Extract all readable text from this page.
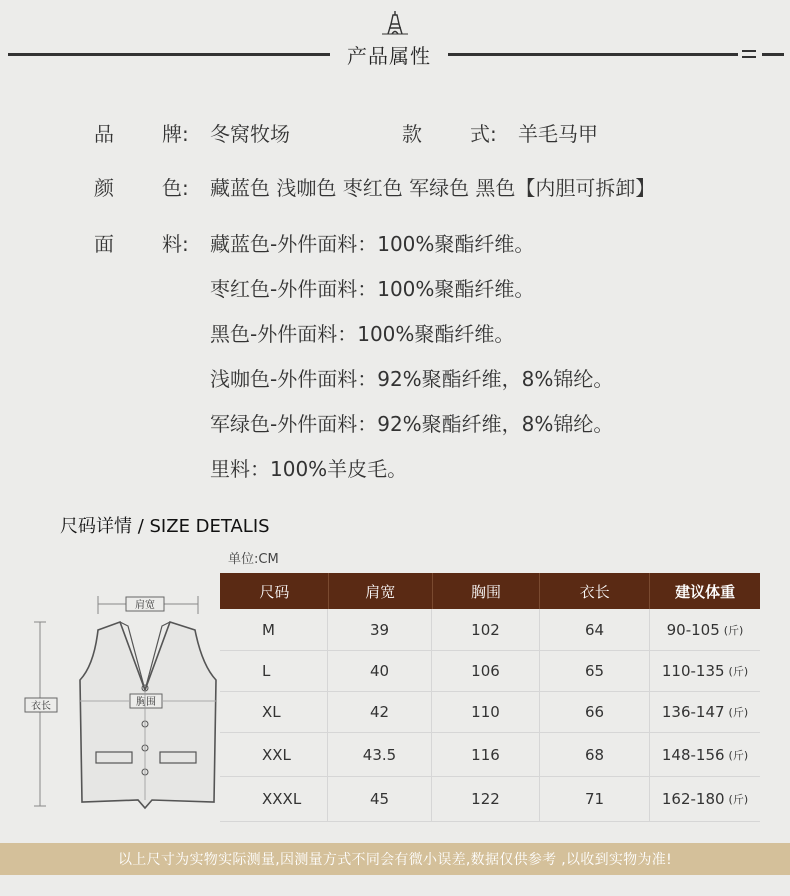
产品属性
品 牌: 冬窝牧场	款 式: 羊毛马甲
颜 色: 藏蓝色 浅咖色 枣红色 军绿色 黑色【内胆可拆卸】
面 料: 藏蓝色-外件面料：100%聚酯纤维。
枣红色-外件面料：100%聚酯纤维。
黑色-外件面料：100%聚酯纤维。
浅咖色-外件面料：92%聚酯纤维，8%锦纶。
军绿色-外件面料：92%聚酯纤维，8%锦纶。
里料：100%羊皮毛。
尺码详情 / SIZE DETALIS
单位:CM
肩宽
衣长	胸围
尺码	肩宽	胸围	衣长	建议体重
M	39	102	64	90-105 (斤)
L	40	106	65	110-135 (斤)
XL	42	110	66	136-147 (斤)
XXL	43.5	116	68	148-156 (斤)
XXXL	45	122	71	162-180 (斤)
以上尺寸为实物实际测量,因测量方式不同会有微小误差,数据仅供参考 ,以收到实物为准!
